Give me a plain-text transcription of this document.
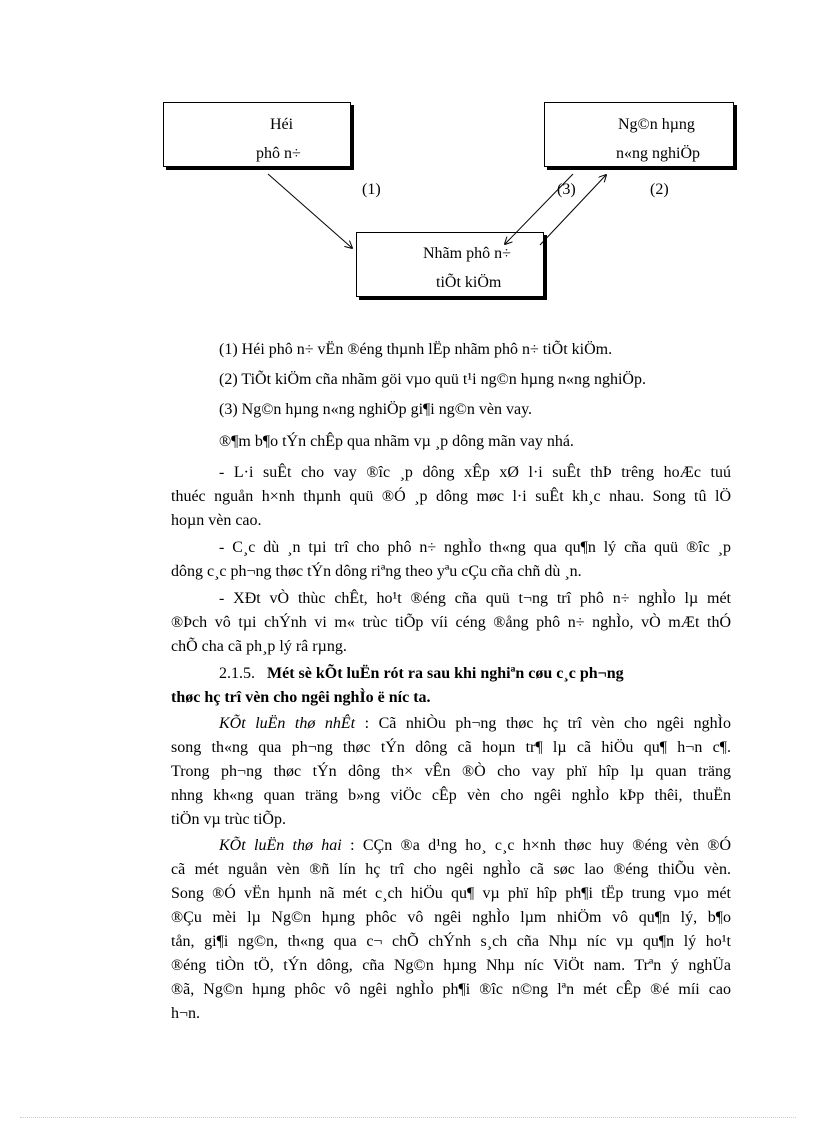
Héi
phô n÷
Ng©n hµng
n«ng nghiÖp
Nhãm phô n÷
tiÕt kiÖm
(1)	(3)	(2)
(1) Héi phô n÷ vËn ®éng thµnh lËp nhãm phô n÷ tiÕt kiÖm.
(2) TiÕt kiÖm cña nhãm göi vµo quü t¹i ng©n hµng n«ng nghiÖp.
(3) Ng©n hµng n«ng nghiÖp gi¶i ng©n vèn vay.
®¶m b¶o tÝn chÊp qua nhãm vµ ¸p dông mãn vay nhá.
- L·i suÊt cho vay ®îc ¸p dông xÊp xØ l·i suÊt thÞ trêng hoÆc tuú
thuéc nguån h×nh thµnh quü ®Ó ¸p dông møc l·i suÊt kh¸c nhau. Song tû lÖ
hoµn vèn cao.
- C¸c dù ¸n tµi trî cho phô n÷ nghÌo th«ng qua qu¶n lý cña quü ®îc ¸p
dông c¸c ph¬ng thøc tÝn dông riªng theo yªu cÇu cña chñ dù ¸n.
- XÐt vÒ thùc chÊt, ho¹t ®éng cña quü t¬ng trî phô n÷ nghÌo lµ mét
®Þch vô tµi chÝnh vi m« trùc tiÕp víi céng ®ång phô n÷ nghÌo, vÒ mÆt thÓ
chÕ cha cã ph¸p lý râ rµng.
2.1.5. Mét sè kÕt luËn rót ra sau khi nghiªn cøu c¸c ph¬ng
thøc hç trî vèn cho ngêi nghÌo ë níc ta.
KÕt luËn thø nhÊt : Cã nhiÒu ph¬ng thøc hç trî vèn cho ngêi nghÌo
song th«ng qua ph¬ng thøc tÝn dông cã hoµn tr¶ lµ cã hiÖu qu¶ h¬n c¶.
Trong ph¬ng thøc tÝn dông th× vÊn ®Ò cho vay phï hîp lµ quan träng
nhng kh«ng quan träng b»ng viÖc cÊp vèn cho ngêi nghÌo kÞp thêi, thuËn
tiÖn vµ trùc tiÕp.
KÕt luËn thø hai : CÇn ®a d¹ng ho¸ c¸c h×nh thøc huy ®éng vèn ®Ó
cã mét nguån vèn ®ñ lín hç trî cho ngêi nghÌo cã søc lao ®éng thiÕu vèn.
Song ®Ó vËn hµnh nã mét c¸ch hiÖu qu¶ vµ phï hîp ph¶i tËp trung vµo mét
®Çu mèi lµ Ng©n hµng phôc vô ngêi nghÌo lµm nhiÖm vô qu¶n lý, b¶o
tån, gi¶i ng©n, th«ng qua c¬ chÕ chÝnh s¸ch cña Nhµ níc vµ qu¶n lý ho¹t
®éng tiÒn tÖ, tÝn dông, cña Ng©n hµng Nhµ níc ViÖt nam. Trªn ý nghÜa
®ã, Ng©n hµng phôc vô ngêi nghÌo ph¶i ®îc n©ng lªn mét cÊp ®é míi cao
h¬n.
